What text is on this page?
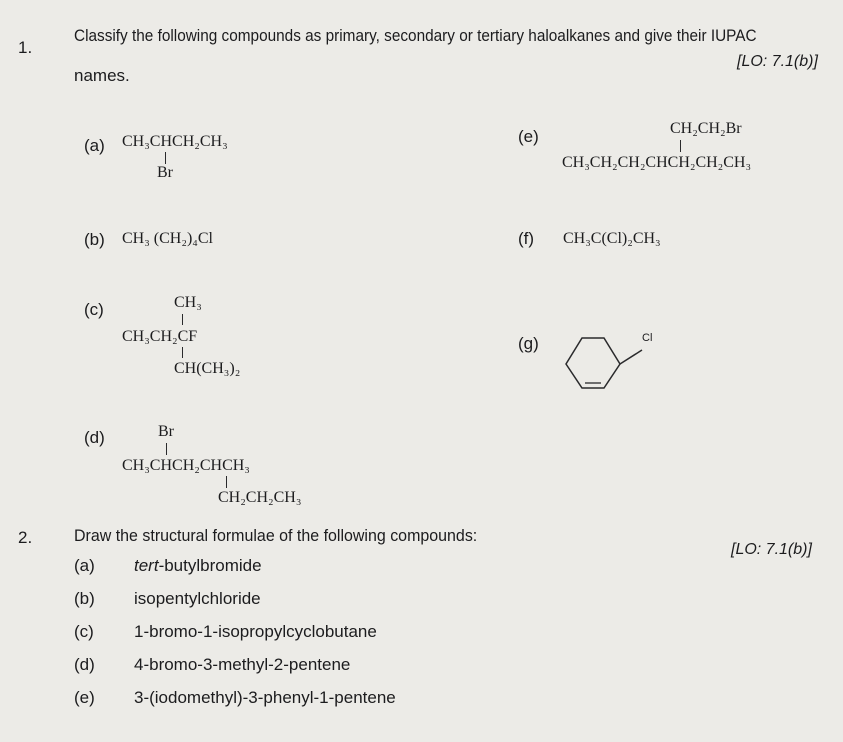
1.
Classify the following compounds as primary, secondary or tertiary haloalkanes and give their IUPAC
names.
[LO: 7.1(b)]
(a) CH₃CHCH₂CH₃
Br
(e)	CH₂CH₂Br
CH₃CH₂CH₂CHCH₂CH₂CH₃
(b) CH₃ (CH₂)₄Cl	(f) CH₃C(Cl)₂CH₃
(c)	CH₃
CH₃CH₂CF
CH(CH₃)₂
(g)	Cl
(d)	Br
CH₃CHCH₂CHCH₃
CH₂CH₂CH₃
2. Draw the structural formulae of the following compounds:
[LO: 7.1(b)]
(a) tert-butylbromide
(b) isopentylchloride
(c) 1-bromo-1-isopropylcyclobutane
(d) 4-bromo-3-methyl-2-pentene
(e) 3-(iodomethyl)-3-phenyl-1-pentene
